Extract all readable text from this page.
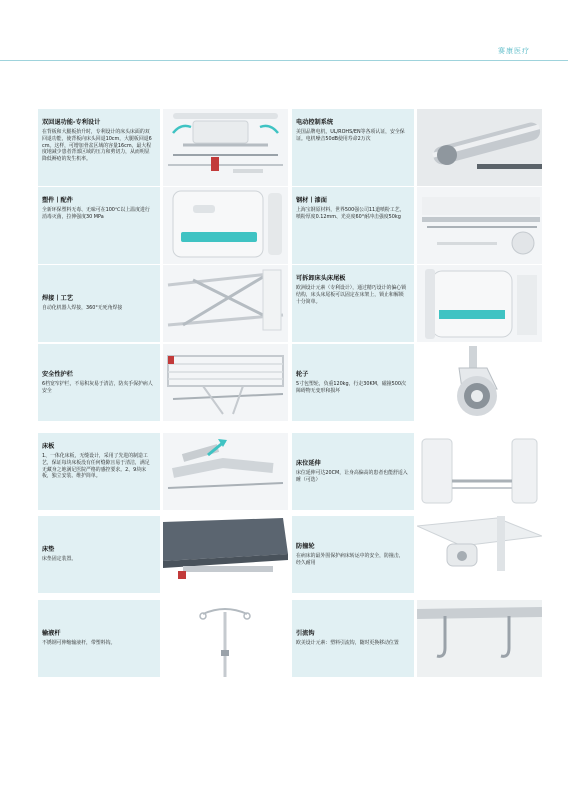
赛康医疗
双回退功能-专利设计
在背板和大腿板抬升时，专利设计的床头床面的双回退功能，使背板向床头回退10cm，大腿板回退6cm。这样，可增加骨盆区域的容量16cm，最大程度地减少患者背部区域的压力和剪切力，从而明显降低褥疮的发生机率。
电动控制系统
美国品牌电机，UL/ROHS/EN等各项认证，安全保证。电机噪音50dB使用寿命2万次
塑件丨配件
全新环保塑料无毒、无味可在100℃以上温度进行消毒灭菌，拉伸强度30 MPa
钢材丨漆面
上海宝钢原材料，世界500强公司11道喷粉工艺，喷粉厚度0.12mm、光亮度60°耐冲击强度50kg
焊接丨工艺
自动化机器人焊接，360°无死角焊接
可拆卸床头床尾板
欧洲设计元素（专利设计），通过精巧设计的偏心锁结构，床头床尾板可以固定在床架上，锁止和解锁十分简单。
安全性护栏
6档宽窄护栏，不易积灰易于清洁，防夹手保护病人安全
轮子
5寸包塑轮，负重120kg，行走30KM，磁撞500次障碍物无变形和损坏
床板
1、一体化床板，无缝设计，采用了先进的制造工艺，保证每块床板没有任何缝隙且易于清洁，满足无藏身之地满足医院严格的感控要求。2、9块床板，独立安装、维护简单。
床位延伸
床位延伸可达20CM，让身高偏高的患者也能舒适入睡（可选）
床垫
床垫固定装置。
防撞轮
在病床的最外围保护病床转运中的安全，防撞击，经久耐用
输液杆
不锈钢可伸缩输液杆，带塑料钩。
引流钩
欧美设计元素：塑料引流钩，随时更换移动位置
